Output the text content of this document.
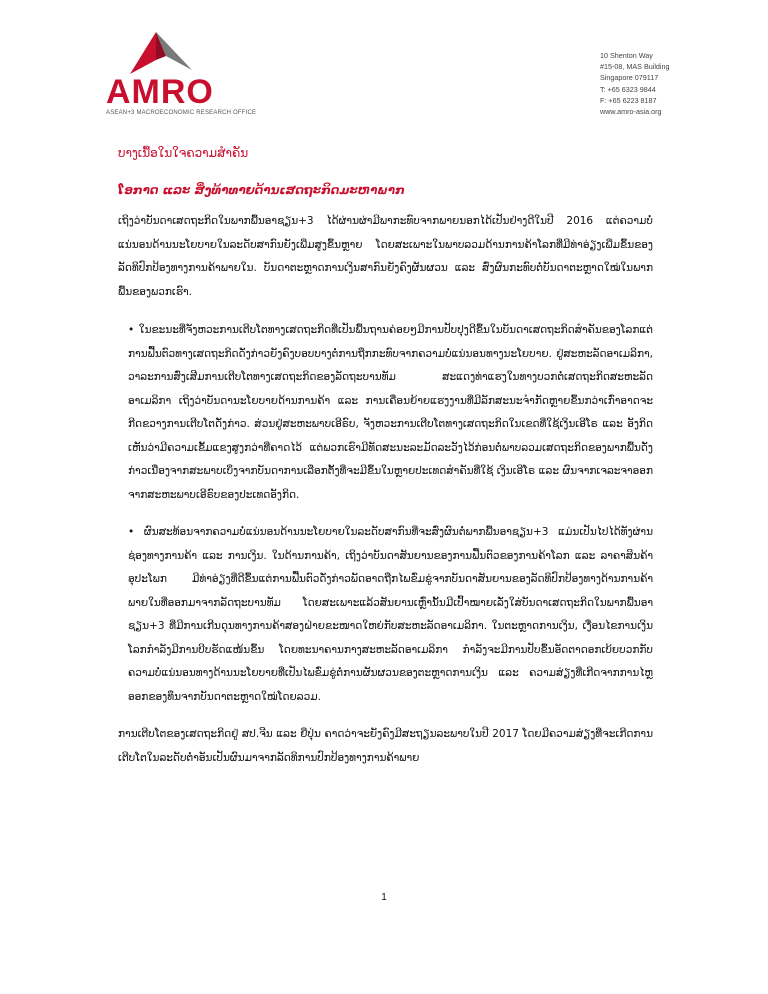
AMRO
ASEAN+3 MACROECONOMIC RESEARCH OFFICE
10 Shenton Way
#15-08, MAS Building
Singapore 079117
T: +65 6323 9844
F: +65 6223 8187
www.amro-asia.org
ບາງເນື້ອໃນໃຈຄວາມສໍາຄັນ
ໂອກາດ ແລະ ສິ່ງທ້າທາຍດ້ານເສດຖະກິດມະຫາພາກ

ເຖິງວ່າບັນດາເສດຖະກິດໃນພາກພື້ນອາຊຽນ+3 ໄດ້ຜ່ານຜ່າມີພາກະທົບຈາກພາຍນອກໄດ້ເປັນຢ່າງດີໃນປີ 2016 ແຕ່ຄວາມບໍ່ແນ່ນອນດ້ານນະໂຍບາຍໃນລະດັບສາກົນຍັງເພີ່ມສູງຂຶ້ນຫຼາຍ ໂດຍສະເພາະໃນພາບລວມດ້ານການຄ້າໂລກທີ່ມີທ່າອ່ຽງເພີ່ມຂຶ້ນຂອງລັດທິປົກປ້ອງທາງການຄ້າພາຍໃນ. ບັນດາຕະຫຼາດການເງິນສາກົນຍັງຄົງຜັນຜວນ ແລະ ສົ່ງຜົນກະທົບຕໍ່ບັນດາຕະຫຼາດໃໝ່ໃນພາກພື້ນຂອງພວກເຮົາ.

• ໃນຂະນະທີ່ຈັງຫວະການເຕີບໂຕທາງເສດຖະກິດທີ່ເປັນພື້ນຖານຄ່ອຍໆມີການປັບປຸງດີຂຶ້ນໃນບັນດາເສດຖະກິດສໍາຄັນຂອງໂລກແຕ່ການຟື້ນຕົວທາງເສດຖະກິດດັ່ງກ່າວຍັງຄົງບອບບາງຕໍ່ການຖືກກະທົບຈາກຄວາມບໍ່ແນ່ນອນທາງນະໂຍບາຍ. ຢູ່ສະຫະລັດອາເມລິກາ, ວາລະການສົ່ງເສີມການເຕີບໂຕທາງເສດຖະກິດຂອງລັດຖະບານທັມ ສະແດງທ່າແຮງໃນທາງບວກຕໍ່ເສດຖະກິດສະຫະລັດອາເມລິກາ ເຖິງວ່າບັນດານະໂຍບາຍດ້ານການຄ້າ ແລະ ການເຄື່ອນຍ້າຍແຮງງານທີ່ມີລັກສະນະຈໍາກັດຫຼາຍຂຶ້ນກວ່າເກົ່າອາດຈະກີດຂວາງການເຕີບໂຕດັ່ງກ່າວ. ສ່ວນຢູ່ສະຫະພາບເອີຣົບ, ຈັງຫວະການເຕີບໂຕທາງເສດຖະກິດໃນເຂດທີ່ໃຊ້ເງິນເອີໂຣ ແລະ ອັງກິດ ເຫັນວ່າມີຄວາມເຂັ້ມແຂງສູງກວ່າທີ່ຄາດໄວ້ ແຕ່ພວກເຮົາມີທັດສະນະລະມັດລະວັງໄວ້ກ່ອນຕໍ່ພາບລວມເສດຖະກິດຂອງພາກພື້ນດັ່ງກ່າວເນື່ອງຈາກສະພາບເບິ່ງຈາກບັນດາການເລືອກຕັ້ງທີ່ຈະມີຂຶ້ນໃນຫຼາຍປະເທດສໍາຄັນທີ່ໃຊ້ ເງິນເອີໂຣ ແລະ ຜົນຈາກເຈລະຈາອອກຈາກສະຫະພາບເອີຣົບຂອງປະເທດອັງກິດ.

• ຜົນສະທ້ອນຈາກຄວາມບໍ່ແນ່ນອນດ້ານນະໂຍບາຍໃນລະດັບສາກົນທີ່ຈະສົ່ງຜົນຕໍ່ພາກພື້ນອາຊຽນ+3 ແມ່ນເປັນໄປໄດ້ທັງຜ່ານຊ່ອງທາງການຄ້າ ແລະ ການເງິນ. ໃນດ້ານການຄ້າ, ເຖິງວ່າບັນດາສັນຍານຂອງການຟື້ນຕົວຂອງການຄ້າໂລກ ແລະ ລາຄາສິນຄ້າອຸປະໂພກ ມີທ່າອ່ຽງທີ່ດີຂຶ້ນແຕ່ການຟື້ນຕົວດັ່ງກ່າວພັດອາດຖືກໄພຂົ່ມຂູ່ຈາກບັນດາສັນຍານຂອງລັດທິປົກປ້ອງທາງດ້ານການຄ້າພາຍໃນທີ່ອອກມາຈາກລັດຖະບານທັມ ໂດຍສະເພາະແລ້ວສັນຍານເຫຼົ່ານັ້ນມີເປົ້າໝາຍເລັ່ງໃສ່ບັນດາເສດຖະກິດໃນພາກພື້ນອາຊຽນ+3 ທີ່ມີການເກີນດຸນທາງການຄ້າສອງຝ່າຍຂະໜາດໃຫຍ່ກັບສະຫະລັດອາເມລິກາ. ໃນຕະຫຼາດການເງິນ, ເງື່ອນໄຂການເງິນໂລກກໍາລັງມີການບີບຮັດແໜ້ນຂຶ້ນ ໂດຍທະນາຄານກາງສະຫະລັດອາເມລິກາ ກໍາລັງຈະມີການປັບຂຶ້ນອັດຕາດອກເບ້ຍບວກກັບຄວາມບໍ່ແນ່ນອນທາງດ້ານນະໂຍບາຍທີ່ເປັນໄພຂົ່ມຂູ່ຕໍ່ການຜັນຜວນຂອງຕະຫຼາດການເງິນ ແລະ ຄວາມສ່ຽງທີ່ເກີດຈາກການໄຫຼອອກຂອງທຶນຈາກບັນດາຕະຫຼາດໃໝ່ໂດຍລວມ.

ການເຕີບໂຕຂອງເສດຖະກິດຢູ່ ສປ.ຈີນ ແລະ ຍີ່ປຸ່ນ ຄາດວ່າຈະຍັງຄົງມີສະຖຽນລະພາບໃນປີ 2017 ໂດຍມີຄວາມສ່ຽງທີ່ຈະເກີດການເຕີບໂຕໃນລະດັບຕໍ່າອັນເປັນຜົນມາຈາກລັດທິການປົກປ້ອງທາງການຄ້າພາຍ

1
